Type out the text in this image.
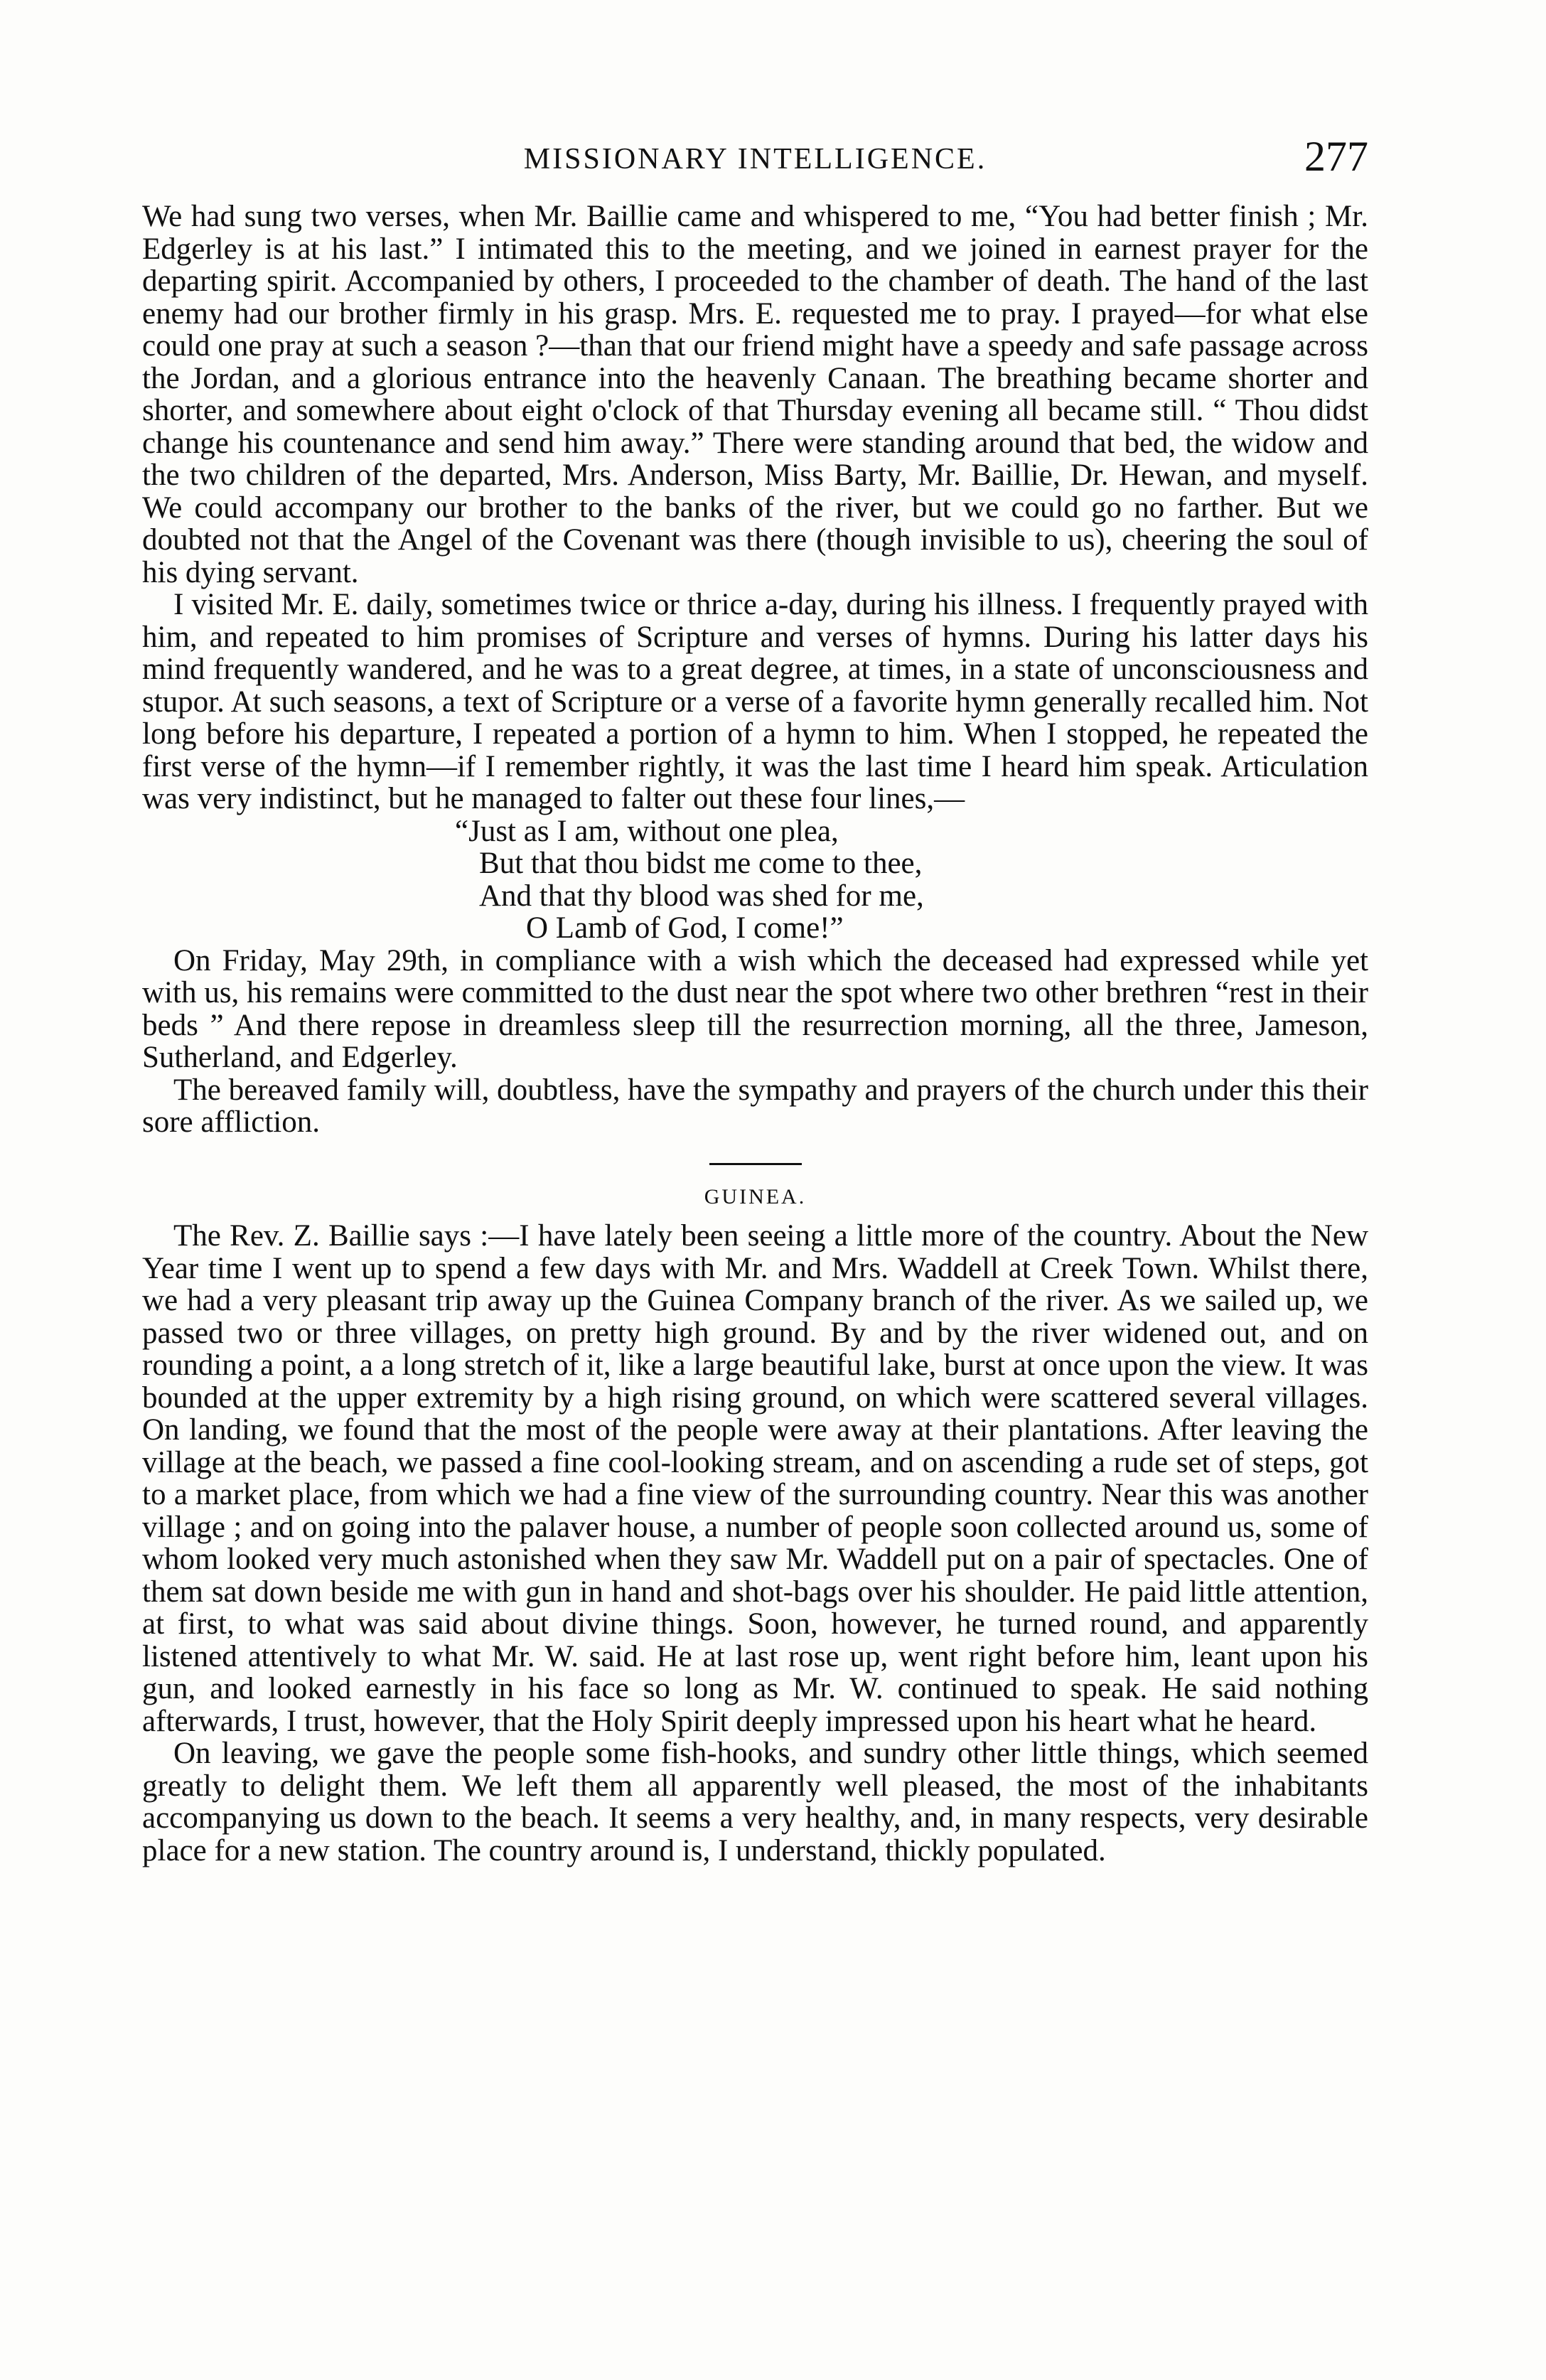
MISSIONARY INTELLIGENCE.	277

We had sung two verses, when Mr. Baillie came and whispered to me, “You had better finish ; Mr. Edgerley is at his last.” I intimated this to the meeting, and we joined in earnest prayer for the departing spirit. Accompanied by others, I proceeded to the chamber of death. The hand of the last enemy had our brother firmly in his grasp. Mrs. E. requested me to pray. I prayed—for what else could one pray at such a season ?—than that our friend might have a speedy and safe passage across the Jordan, and a glorious entrance into the heavenly Canaan. The breathing became shorter and shorter, and somewhere about eight o'clock of that Thursday evening all became still. “ Thou didst change his countenance and send him away.” There were standing around that bed, the widow and the two children of the departed, Mrs. Anderson, Miss Barty, Mr. Baillie, Dr. Hewan, and myself. We could accompany our brother to the banks of the river, but we could go no farther. But we doubted not that the Angel of the Covenant was there (though invisible to us), cheering the soul of his dying servant.

I visited Mr. E. daily, sometimes twice or thrice a-day, during his illness. I frequently prayed with him, and repeated to him promises of Scripture and verses of hymns. During his latter days his mind frequently wandered, and he was to a great degree, at times, in a state of unconsciousness and stupor. At such seasons, a text of Scripture or a verse of a favorite hymn generally recalled him. Not long before his departure, I repeated a portion of a hymn to him. When I stopped, he repeated the first verse of the hymn—if I remember rightly, it was the last time I heard him speak. Articulation was very indistinct, but he managed to falter out these four lines,—

“Just as I am, without one plea,
But that thou bidst me come to thee,
And that thy blood was shed for me,
O Lamb of God, I come!”

On Friday, May 29th, in compliance with a wish which the deceased had expressed while yet with us, his remains were committed to the dust near the spot where two other brethren “rest in their beds ” And there repose in dreamless sleep till the resurrection morning, all the three, Jameson, Sutherland, and Edgerley.

The bereaved family will, doubtless, have the sympathy and prayers of the church under this their sore affliction.

GUINEA.

The Rev. Z. Baillie says :—I have lately been seeing a little more of the country. About the New Year time I went up to spend a few days with Mr. and Mrs. Waddell at Creek Town. Whilst there, we had a very pleasant trip away up the Guinea Company branch of the river. As we sailed up, we passed two or three villages, on pretty high ground. By and by the river widened out, and on rounding a point, a a long stretch of it, like a large beautiful lake, burst at once upon the view. It was bounded at the upper extremity by a high rising ground, on which were scattered several villages. On landing, we found that the most of the people were away at their plantations. After leaving the village at the beach, we passed a fine cool-looking stream, and on ascending a rude set of steps, got to a market place, from which we had a fine view of the surrounding country. Near this was another village ; and on going into the palaver house, a number of people soon collected around us, some of whom looked very much astonished when they saw Mr. Waddell put on a pair of spectacles. One of them sat down beside me with gun in hand and shot-bags over his shoulder. He paid little attention, at first, to what was said about divine things. Soon, however, he turned round, and apparently listened attentively to what Mr. W. said. He at last rose up, went right before him, leant upon his gun, and looked earnestly in his face so long as Mr. W. continued to speak. He said nothing afterwards, I trust, however, that the Holy Spirit deeply impressed upon his heart what he heard.

On leaving, we gave the people some fish-hooks, and sundry other little things, which seemed greatly to delight them. We left them all apparently well pleased, the most of the inhabitants accompanying us down to the beach. It seems a very healthy, and, in many respects, very desirable place for a new station. The country around is, I understand, thickly populated.
